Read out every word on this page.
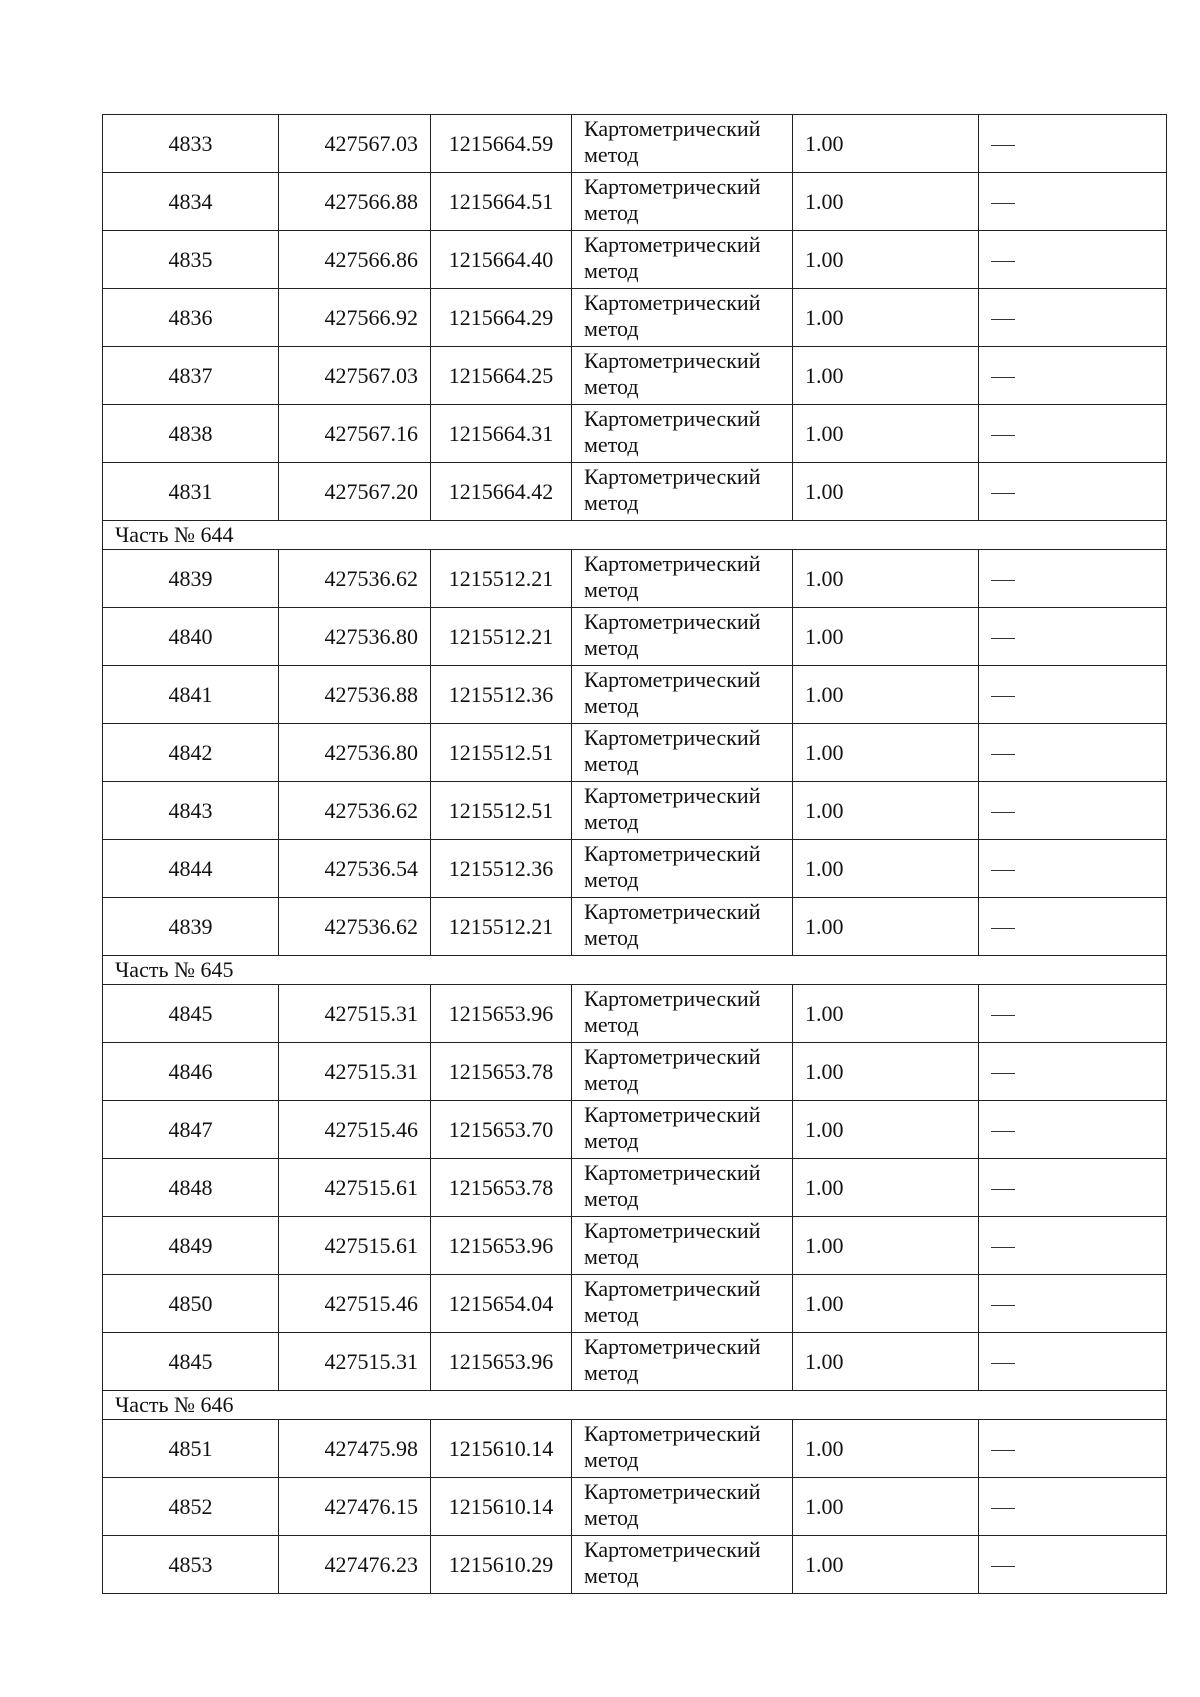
4833	427567.03	1215664.59	Картометрический метод	1.00	
4834	427566.88	1215664.51	Картометрический метод	1.00	
4835	427566.86	1215664.40	Картометрический метод	1.00	
4836	427566.92	1215664.29	Картометрический метод	1.00	
4837	427567.03	1215664.25	Картометрический метод	1.00	
4838	427567.16	1215664.31	Картометрический метод	1.00	
4831	427567.20	1215664.42	Картометрический метод	1.00	
Часть № 644					
4839	427536.62	1215512.21	Картометрический метод	1.00	
4840	427536.80	1215512.21	Картометрический метод	1.00	
4841	427536.88	1215512.36	Картометрический метод	1.00	
4842	427536.80	1215512.51	Картометрический метод	1.00	
4843	427536.62	1215512.51	Картометрический метод	1.00	
4844	427536.54	1215512.36	Картометрический метод	1.00	
4839	427536.62	1215512.21	Картометрический метод	1.00	
Часть № 645					
4845	427515.31	1215653.96	Картометрический метод	1.00	
4846	427515.31	1215653.78	Картометрический метод	1.00	
4847	427515.46	1215653.70	Картометрический метод	1.00	
4848	427515.61	1215653.78	Картометрический метод	1.00	
4849	427515.61	1215653.96	Картометрический метод	1.00	
4850	427515.46	1215654.04	Картометрический метод	1.00	
4845	427515.31	1215653.96	Картометрический метод	1.00	
Часть № 646					
4851	427475.98	1215610.14	Картометрический метод	1.00	
4852	427476.15	1215610.14	Картометрический метод	1.00	
4853	427476.23	1215610.29	Картометрический метод	1.00	
